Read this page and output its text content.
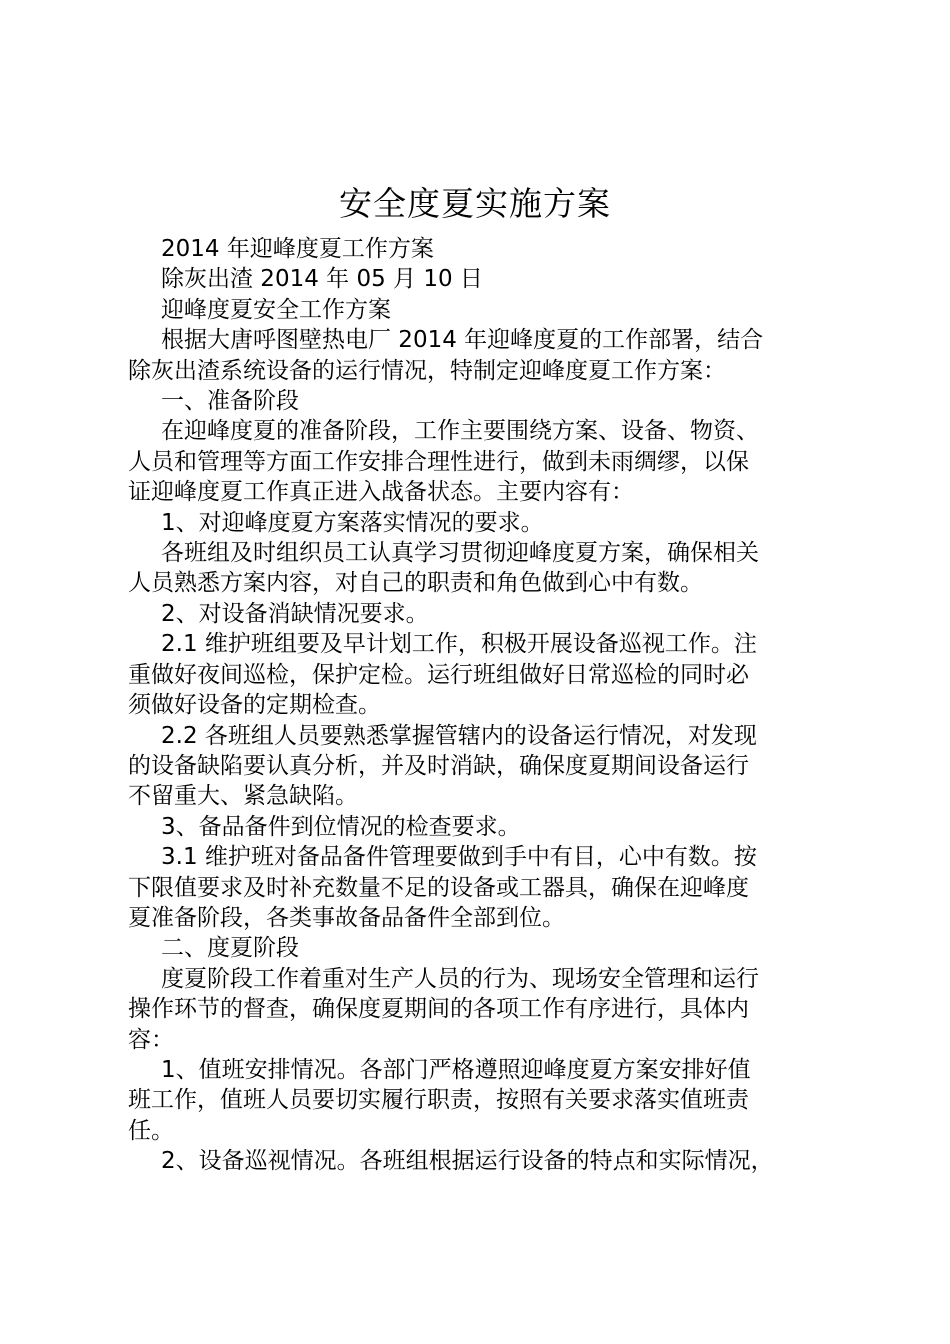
安全度夏实施方案

2014 年迎峰度夏工作方案

除灰出渣 2014 年 05 月 10 日

迎峰度夏安全工作方案

根据大唐呼图壁热电厂 2014 年迎峰度夏的工作部署，结合

除灰出渣系统设备的运行情况，特制定迎峰度夏工作方案：

一、准备阶段

在迎峰度夏的准备阶段，工作主要围绕方案、设备、物资、

人员和管理等方面工作安排合理性进行，做到未雨绸缪，以保

证迎峰度夏工作真正进入战备状态。主要内容有：

1、对迎峰度夏方案落实情况的要求。

各班组及时组织员工认真学习贯彻迎峰度夏方案，确保相关

人员熟悉方案内容，对自己的职责和角色做到心中有数。

2、对设备消缺情况要求。

2.1 维护班组要及早计划工作，积极开展设备巡视工作。注

重做好夜间巡检，保护定检。运行班组做好日常巡检的同时必

须做好设备的定期检查。

2.2 各班组人员要熟悉掌握管辖内的设备运行情况，对发现

的设备缺陷要认真分析，并及时消缺，确保度夏期间设备运行

不留重大、紧急缺陷。

3、备品备件到位情况的检查要求。

3.1 维护班对备品备件管理要做到手中有目，心中有数。按

下限值要求及时补充数量不足的设备或工器具，确保在迎峰度

夏准备阶段，各类事故备品备件全部到位。

二、度夏阶段

度夏阶段工作着重对生产人员的行为、现场安全管理和运行

操作环节的督查，确保度夏期间的各项工作有序进行，具体内

容：

1、值班安排情况。各部门严格遵照迎峰度夏方案安排好值

班工作，值班人员要切实履行职责，按照有关要求落实值班责

任。

2、设备巡视情况。各班组根据运行设备的特点和实际情况，
